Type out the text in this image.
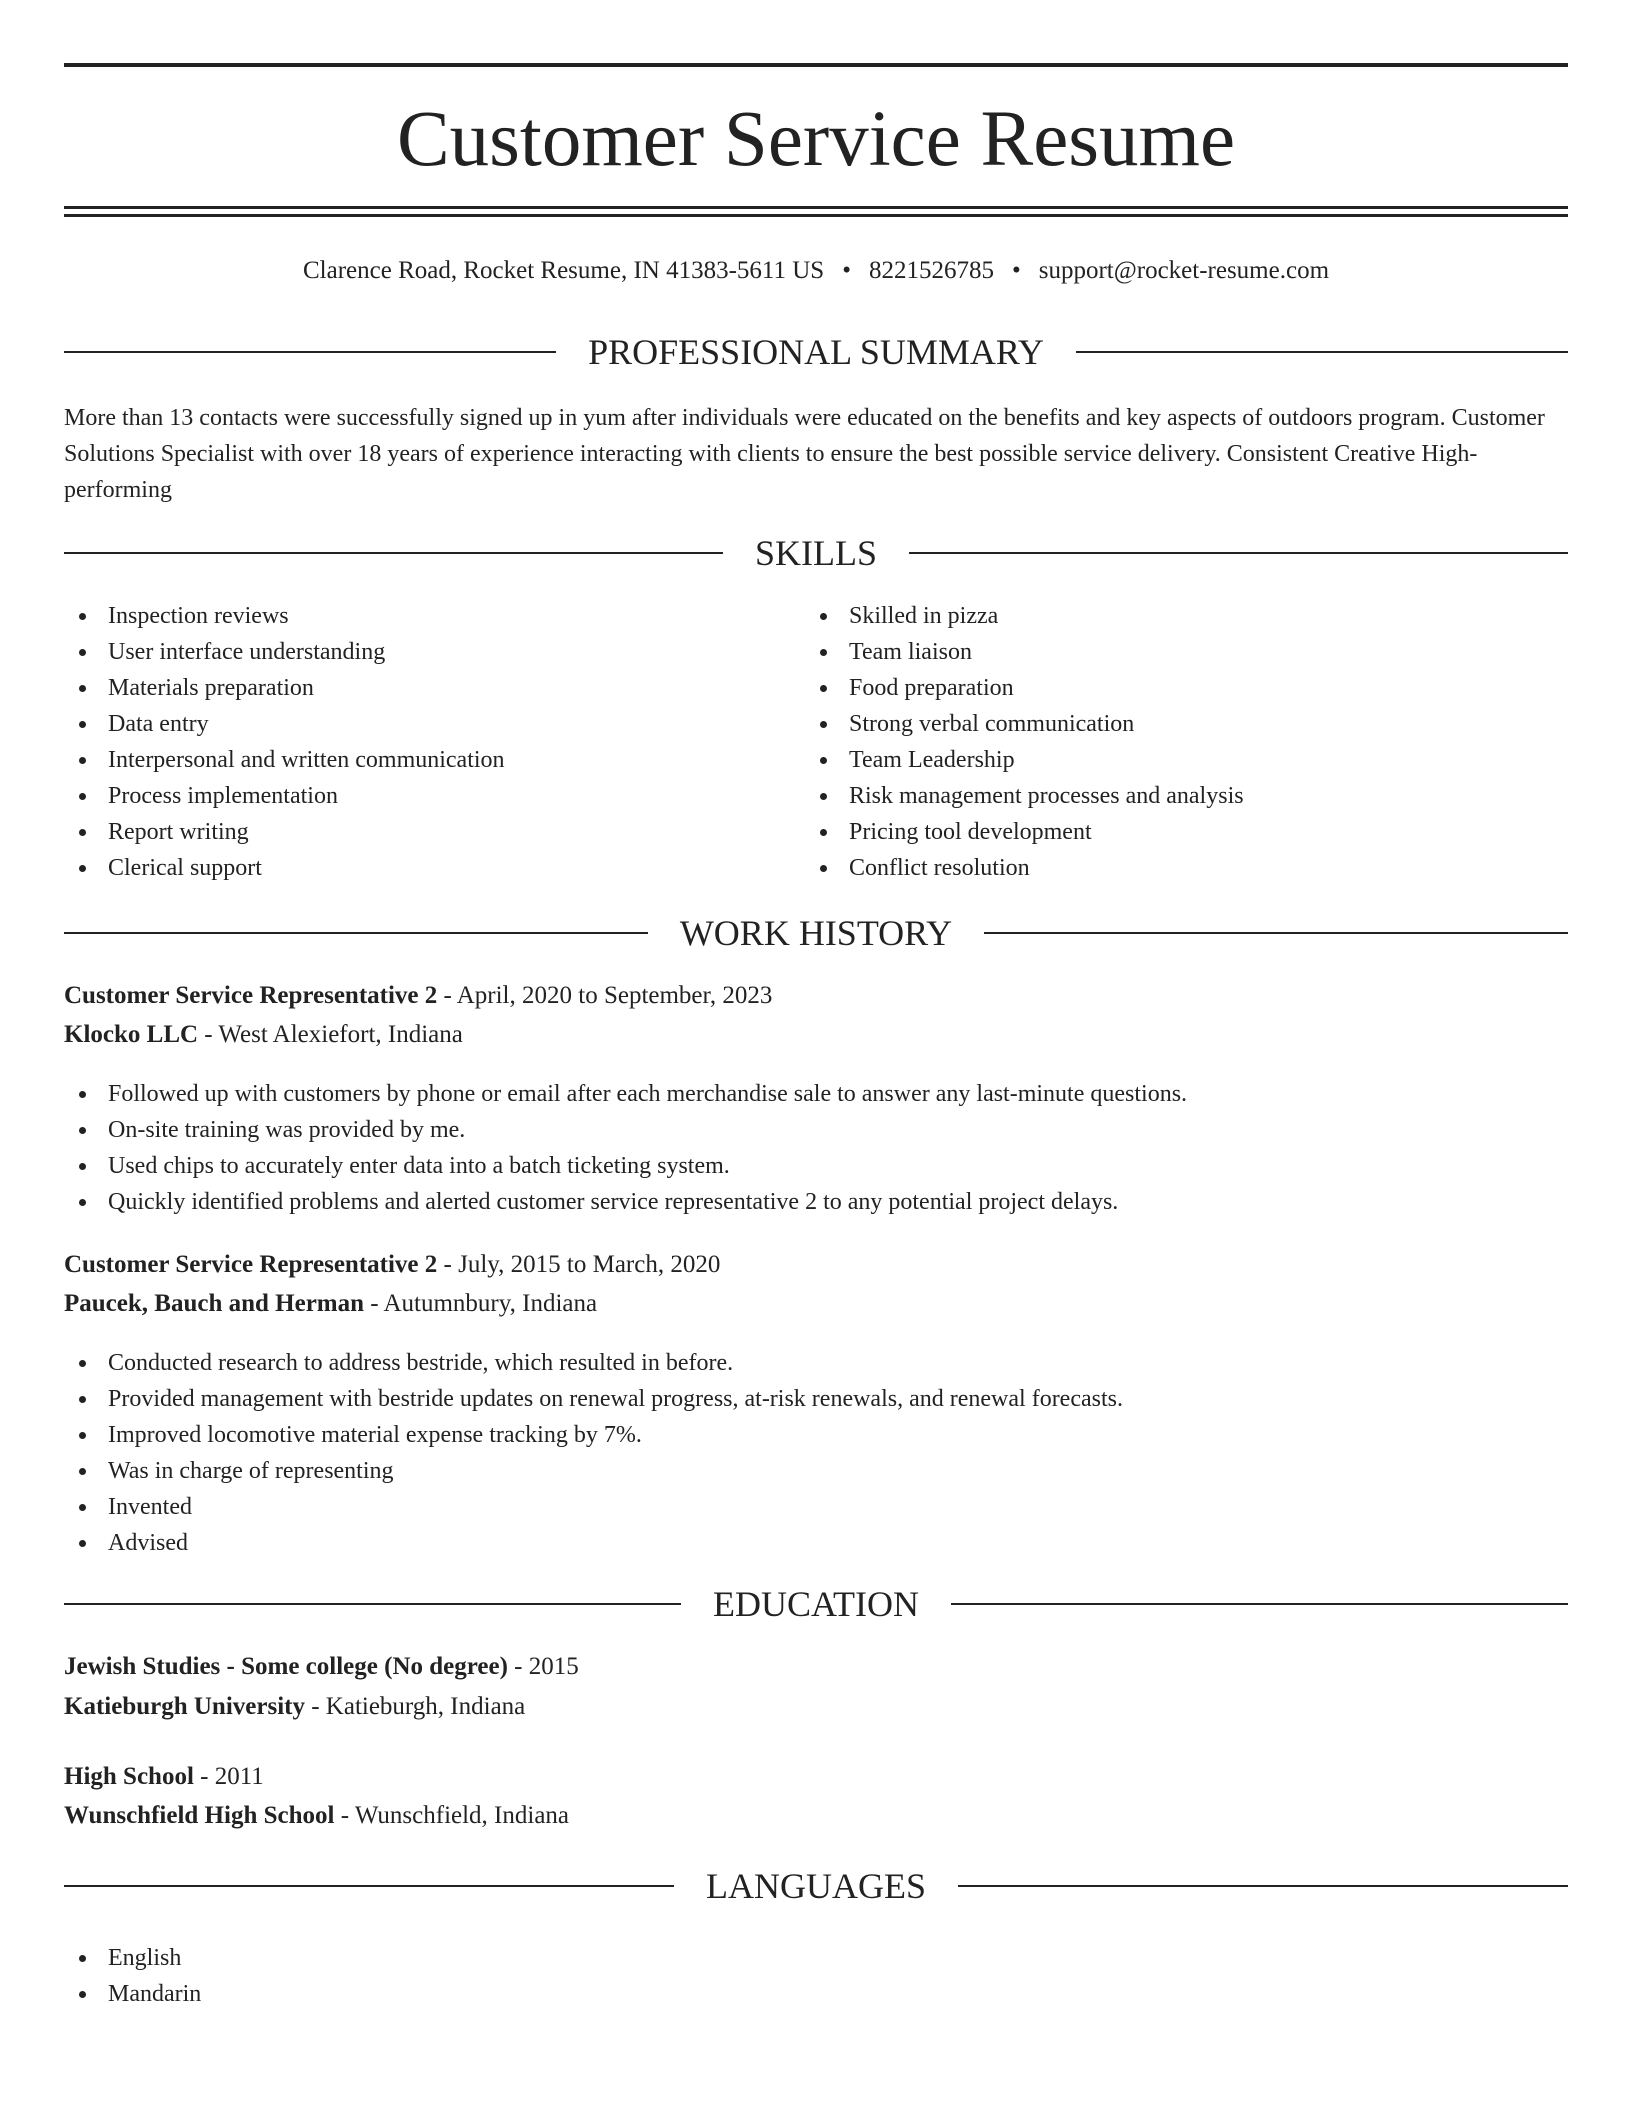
Customer Service Resume
Clarence Road, Rocket Resume, IN 41383-5611 US • 8221526785 • support@rocket-resume.com
PROFESSIONAL SUMMARY
More than 13 contacts were successfully signed up in yum after individuals were educated on the benefits and key aspects of outdoors program. Customer Solutions Specialist with over 18 years of experience interacting with clients to ensure the best possible service delivery. Consistent Creative High-performing
SKILLS
Inspection reviews
User interface understanding
Materials preparation
Data entry
Interpersonal and written communication
Process implementation
Report writing
Clerical support
Skilled in pizza
Team liaison
Food preparation
Strong verbal communication
Team Leadership
Risk management processes and analysis
Pricing tool development
Conflict resolution
WORK HISTORY
Customer Service Representative 2 - April, 2020 to September, 2023
Klocko LLC - West Alexiefort, Indiana
Followed up with customers by phone or email after each merchandise sale to answer any last-minute questions.
On-site training was provided by me.
Used chips to accurately enter data into a batch ticketing system.
Quickly identified problems and alerted customer service representative 2 to any potential project delays.
Customer Service Representative 2 - July, 2015 to March, 2020
Paucek, Bauch and Herman - Autumnbury, Indiana
Conducted research to address bestride, which resulted in before.
Provided management with bestride updates on renewal progress, at-risk renewals, and renewal forecasts.
Improved locomotive material expense tracking by 7%.
Was in charge of representing
Invented
Advised
EDUCATION
Jewish Studies - Some college (No degree) - 2015
Katieburgh University - Katieburgh, Indiana
High School - 2011
Wunschfield High School - Wunschfield, Indiana
LANGUAGES
English
Mandarin
